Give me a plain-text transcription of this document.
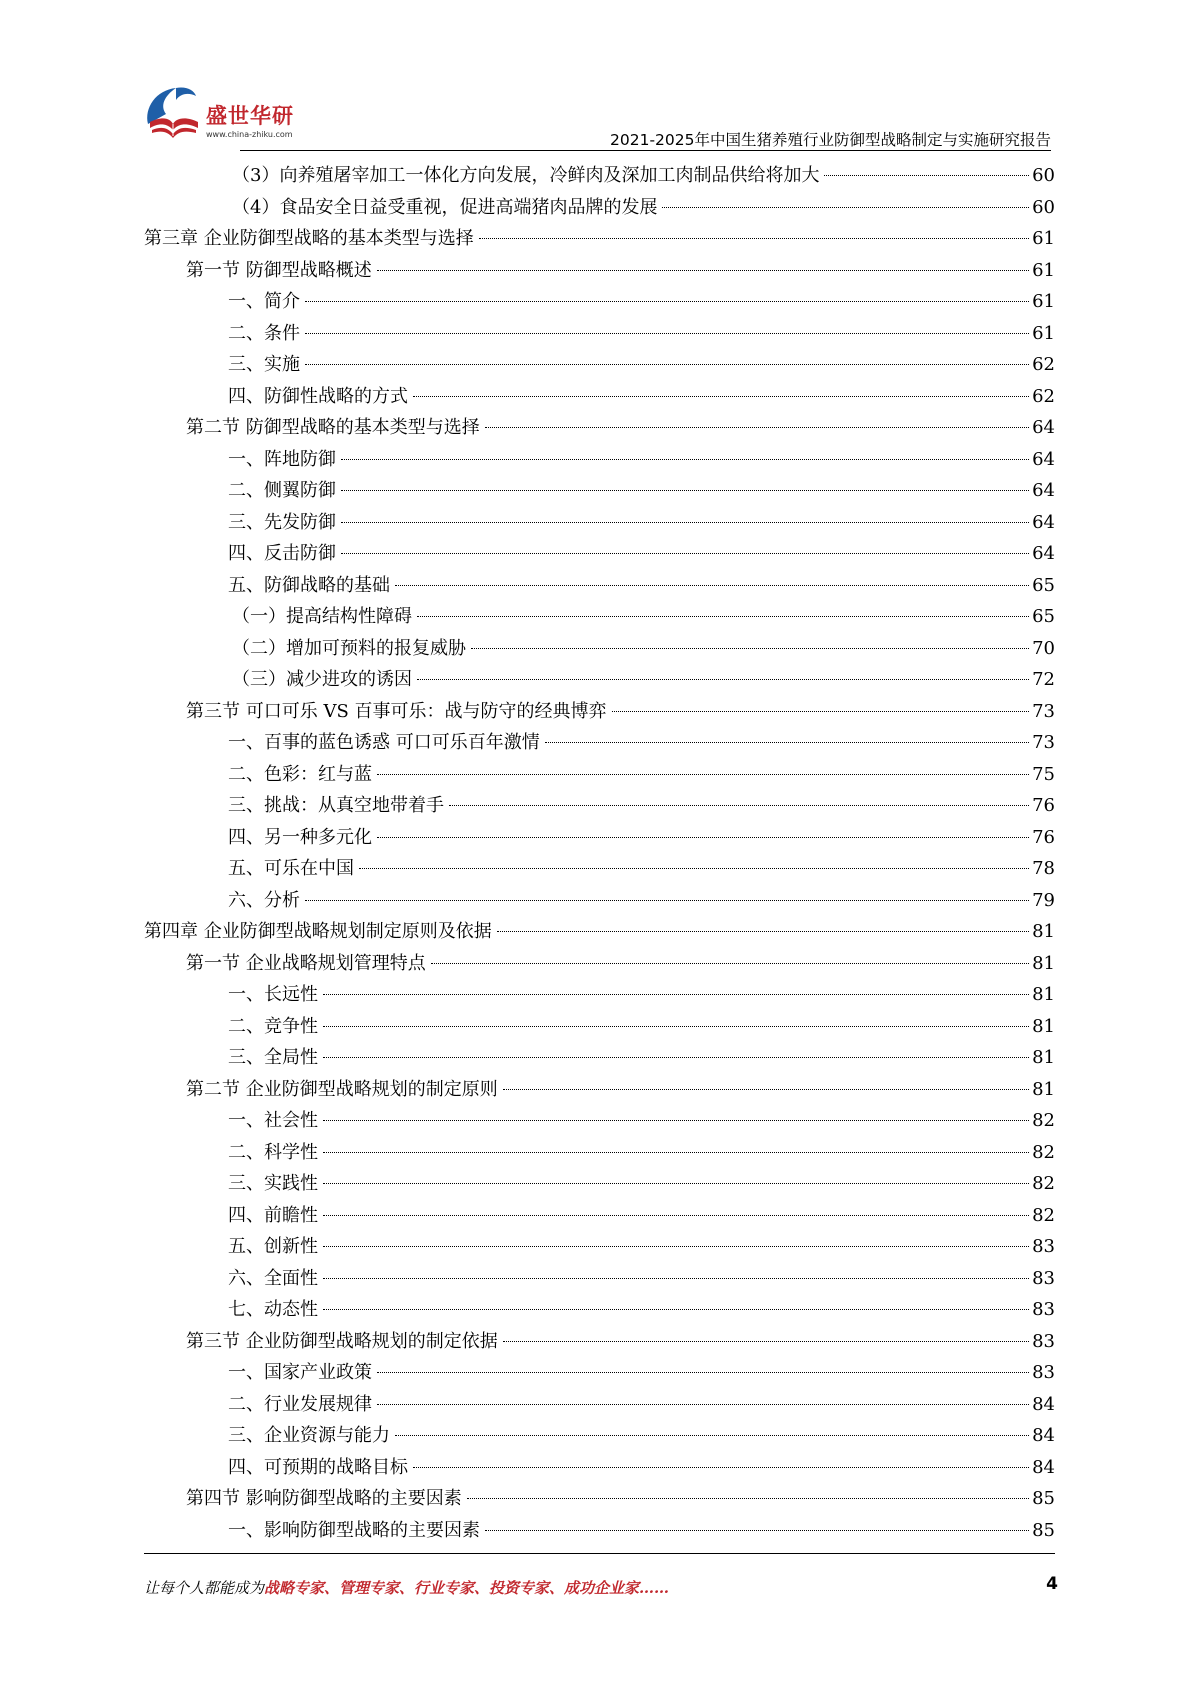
盛世华研
www.china-zhiku.com	2021-2025年中国生猪养殖行业防御型战略制定与实施研究报告
（3）向养殖屠宰加工一体化方向发展，冷鲜肉及深加工肉制品供给将加大	60
（4）食品安全日益受重视，促进高端猪肉品牌的发展	60
第三章 企业防御型战略的基本类型与选择	61
第一节 防御型战略概述	61
一、简介	61
二、条件	61
三、实施	62
四、防御性战略的方式	62
第二节 防御型战略的基本类型与选择	64
一、阵地防御	64
二、侧翼防御	64
三、先发防御	64
四、反击防御	64
五、防御战略的基础	65
（一）提高结构性障碍	65
（二）增加可预料的报复威胁	70
（三）减少进攻的诱因	72
第三节 可口可乐 VS 百事可乐：战与防守的经典博弈	73
一、百事的蓝色诱惑 可口可乐百年激情	73
二、色彩：红与蓝	75
三、挑战：从真空地带着手	76
四、另一种多元化	76
五、可乐在中国	78
六、分析	79
第四章 企业防御型战略规划制定原则及依据	81
第一节 企业战略规划管理特点	81
一、长远性	81
二、竞争性	81
三、全局性	81
第二节 企业防御型战略规划的制定原则	81
一、社会性	82
二、科学性	82
三、实践性	82
四、前瞻性	82
五、创新性	83
六、全面性	83
七、动态性	83
第三节 企业防御型战略规划的制定依据	83
一、国家产业政策	83
二、行业发展规律	84
三、企业资源与能力	84
四、可预期的战略目标	84
第四节 影响防御型战略的主要因素	85
一、影响防御型战略的主要因素	85
让每个人都能成为战略专家、管理专家、行业专家、投资专家、成功企业家……	4
